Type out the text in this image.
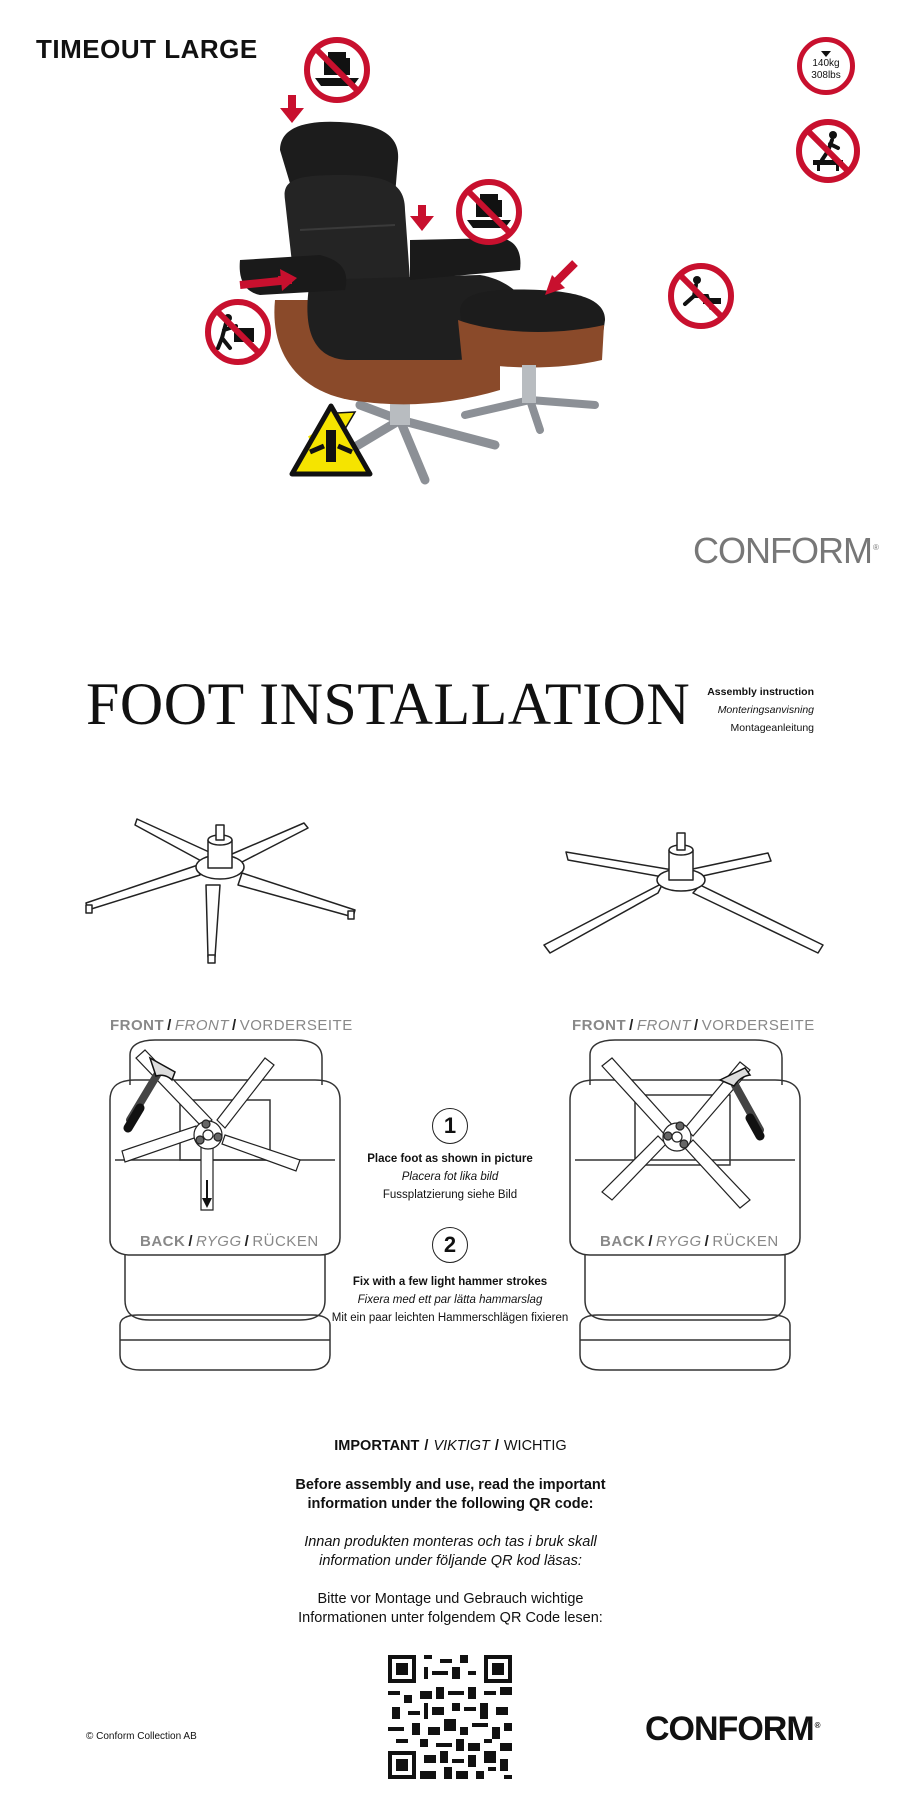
TIMEOUT LARGE	140kg
308lbs
CONFORM®
FOOT INSTALLATION	Assembly instruction
Monteringsanvisning
Montageanleitung
FRONT / FRONT / VORDERSEITE
BACK / RYGG / RÜCKEN
FRONT / FRONT / VORDERSEITE
BACK / RYGG / RÜCKEN
1
Place foot as shown in picture
Placera fot lika bild
Fussplatzierung siehe Bild
2
Fix with a few light hammer strokes
Fixera med ett par lätta hammarslag
Mit ein paar leichten Hammerschlägen fixieren
IMPORTANT / VIKTIGT / WICHTIG
Before assembly and use, read the important
information under the following QR code:
Innan produkten monteras och tas i bruk skall
information under följande QR kod läsas:
Bitte vor Montage und Gebrauch wichtige
Informationen unter folgendem QR Code lesen:
© Conform Collection AB	CONFORM®
